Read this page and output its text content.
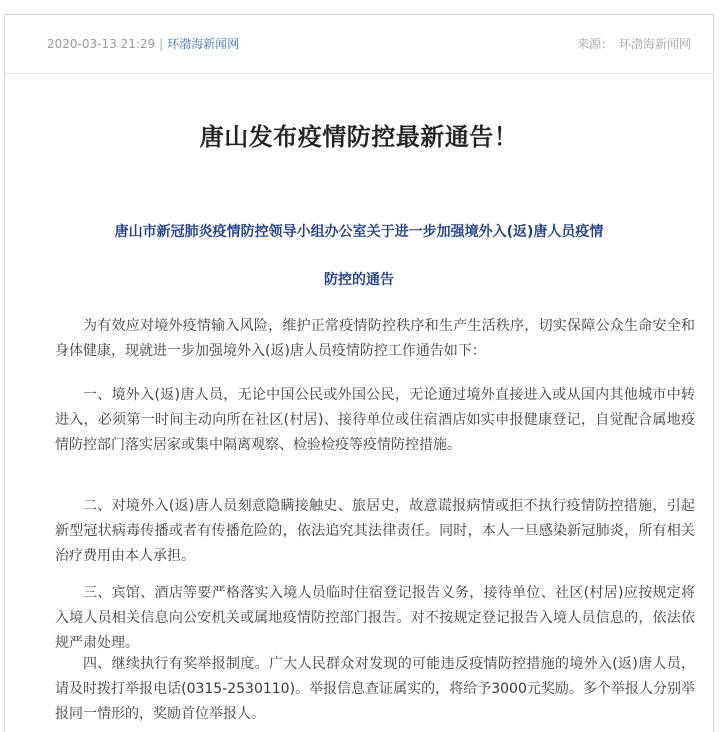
2020-03-13 21:29 | 环渤海新闻网	来源： 环渤海新闻网
唐山发布疫情防控最新通告！
唐山市新冠肺炎疫情防控领导小组办公室关于进一步加强境外入(返)唐人员疫情
防控的通告

为有效应对境外疫情输入风险，维护正常疫情防控秩序和生产生活秩序，切实保障公众生命安全和身体健康，现就进一步加强境外入(返)唐人员疫情防控工作通告如下：

一、境外入(返)唐人员，无论中国公民或外国公民，无论通过境外直接进入或从国内其他城市中转进入，必须第一时间主动向所在社区(村居)、接待单位或住宿酒店如实申报健康登记，自觉配合属地疫情防控部门落实居家或集中隔离观察、检验检疫等疫情防控措施。

二、对境外入(返)唐人员刻意隐瞒接触史、旅居史，故意谎报病情或拒不执行疫情防控措施，引起新型冠状病毒传播或者有传播危险的，依法追究其法律责任。同时，本人一旦感染新冠肺炎，所有相关治疗费用由本人承担。

三、宾馆、酒店等要严格落实入境人员临时住宿登记报告义务，接待单位、社区(村居)应按规定将入境人员相关信息向公安机关或属地疫情防控部门报告。对不按规定登记报告入境人员信息的，依法依规严肃处理。

四、继续执行有奖举报制度。广大人民群众对发现的可能违反疫情防控措施的境外入(返)唐人员，请及时拨打举报电话(0315-2530110)。举报信息查证属实的，将给予3000元奖励。多个举报人分别举报同一情形的，奖励首位举报人。
